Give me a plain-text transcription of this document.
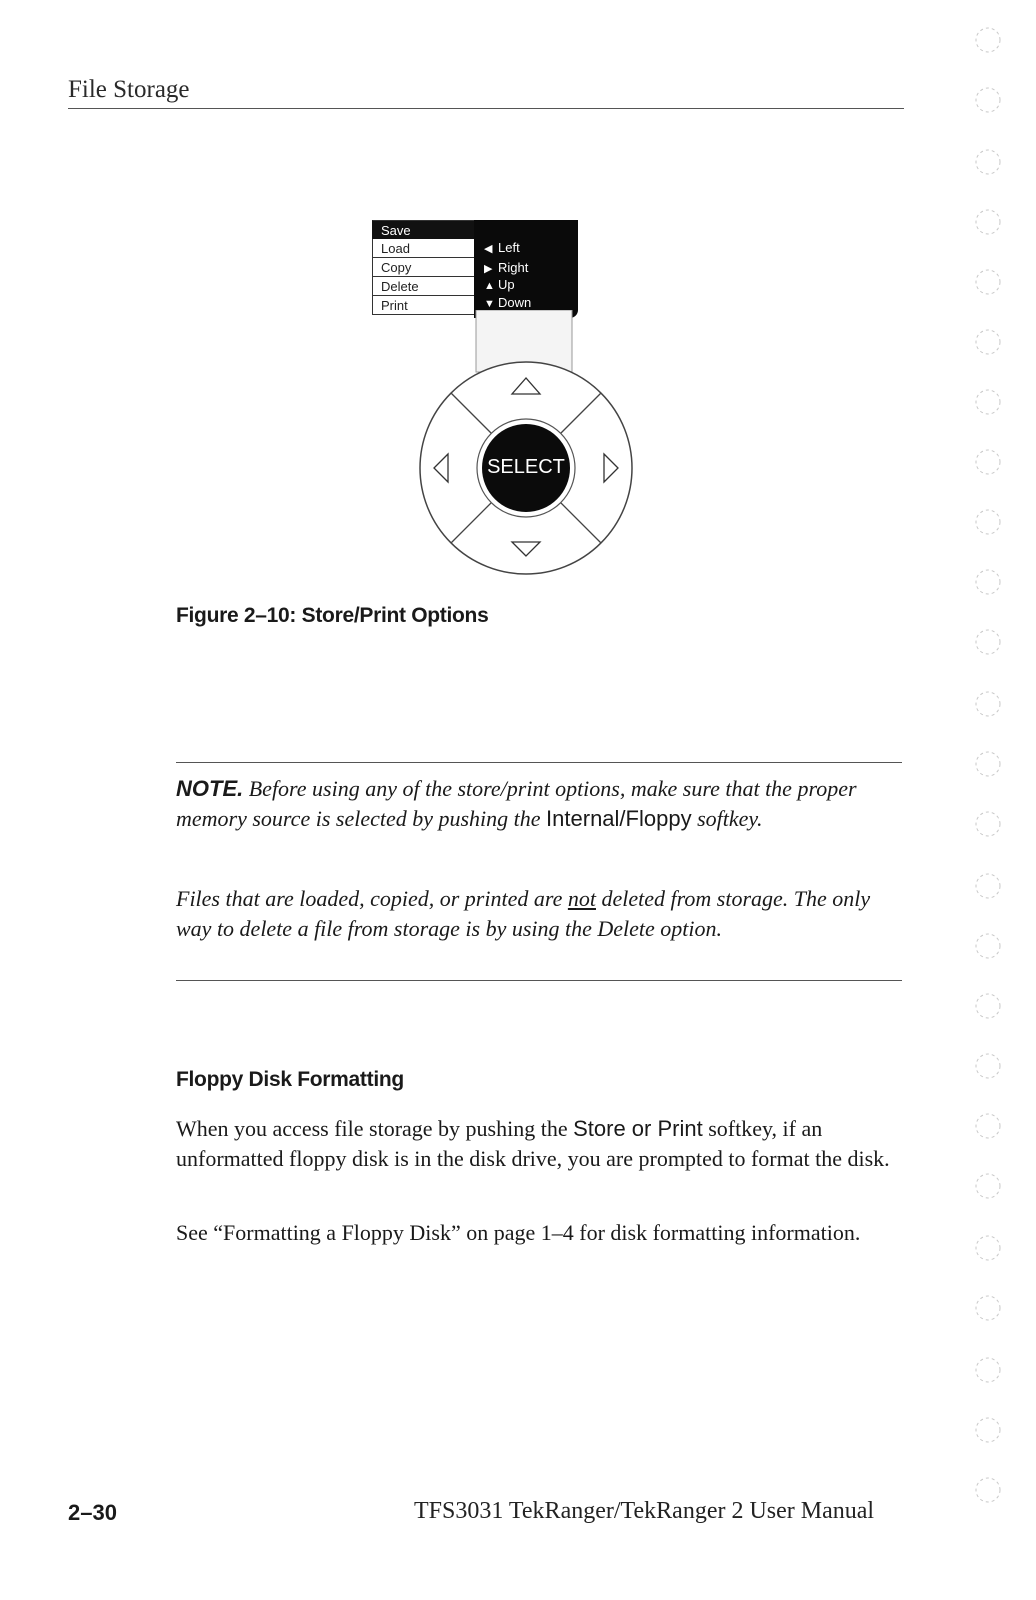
File Storage
Save
Load
Copy
Delete
Print
◀ Left
▶ Right
▲ Up
▼ Down
SELECT
Figure 2–10: Store/Print Options
NOTE. Before using any of the store/print options, make sure that the proper memory source is selected by pushing the Internal/Floppy softkey.
Files that are loaded, copied, or printed are not deleted from storage. The only way to delete a file from storage is by using the Delete option.
Floppy Disk Formatting
When you access file storage by pushing the Store or Print softkey, if an unformatted floppy disk is in the disk drive, you are prompted to format the disk.
See “Formatting a Floppy Disk” on page 1–4 for disk formatting information.
2–30	TFS3031 TekRanger/TekRanger 2 User Manual
